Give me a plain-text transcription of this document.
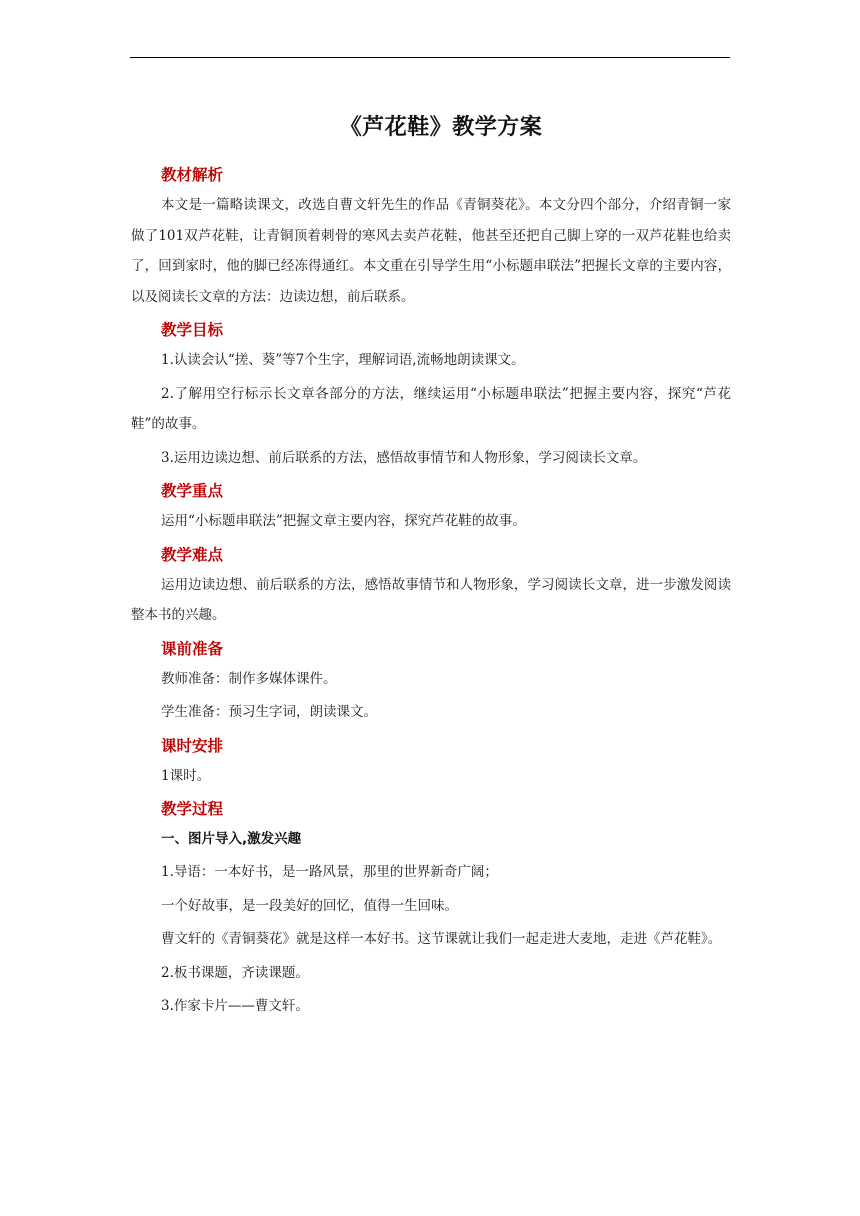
《芦花鞋》教学方案
教材解析

本文是一篇略读课文，改选自曹文轩先生的作品《青铜葵花》。本文分四个部分，介绍青铜一家做了101双芦花鞋，让青铜顶着刺骨的寒风去卖芦花鞋，他甚至还把自己脚上穿的一双芦花鞋也给卖了，回到家时，他的脚已经冻得通红。本文重在引导学生用“小标题串联法”把握长文章的主要内容，以及阅读长文章的方法：边读边想，前后联系。

教学目标

1.认读会认“搓、葵”等7个生字，理解词语,流畅地朗读课文。

2.了解用空行标示长文章各部分的方法，继续运用“小标题串联法”把握主要内容，探究“芦花鞋”的故事。

3.运用边读边想、前后联系的方法，感悟故事情节和人物形象，学习阅读长文章。

教学重点

运用“小标题串联法”把握文章主要内容，探究芦花鞋的故事。

教学难点

运用边读边想、前后联系的方法，感悟故事情节和人物形象，学习阅读长文章，进一步激发阅读整本书的兴趣。

课前准备

教师准备：制作多媒体课件。

学生准备：预习生字词，朗读课文。

课时安排

1课时。

教学过程
一、图片导入,激发兴趣

1.导语：一本好书，是一路风景，那里的世界新奇广阔；

一个好故事，是一段美好的回忆，值得一生回味。

曹文轩的《青铜葵花》就是这样一本好书。这节课就让我们一起走进大麦地，走进《芦花鞋》。

2.板书课题，齐读课题。

3.作家卡片——曹文轩。
